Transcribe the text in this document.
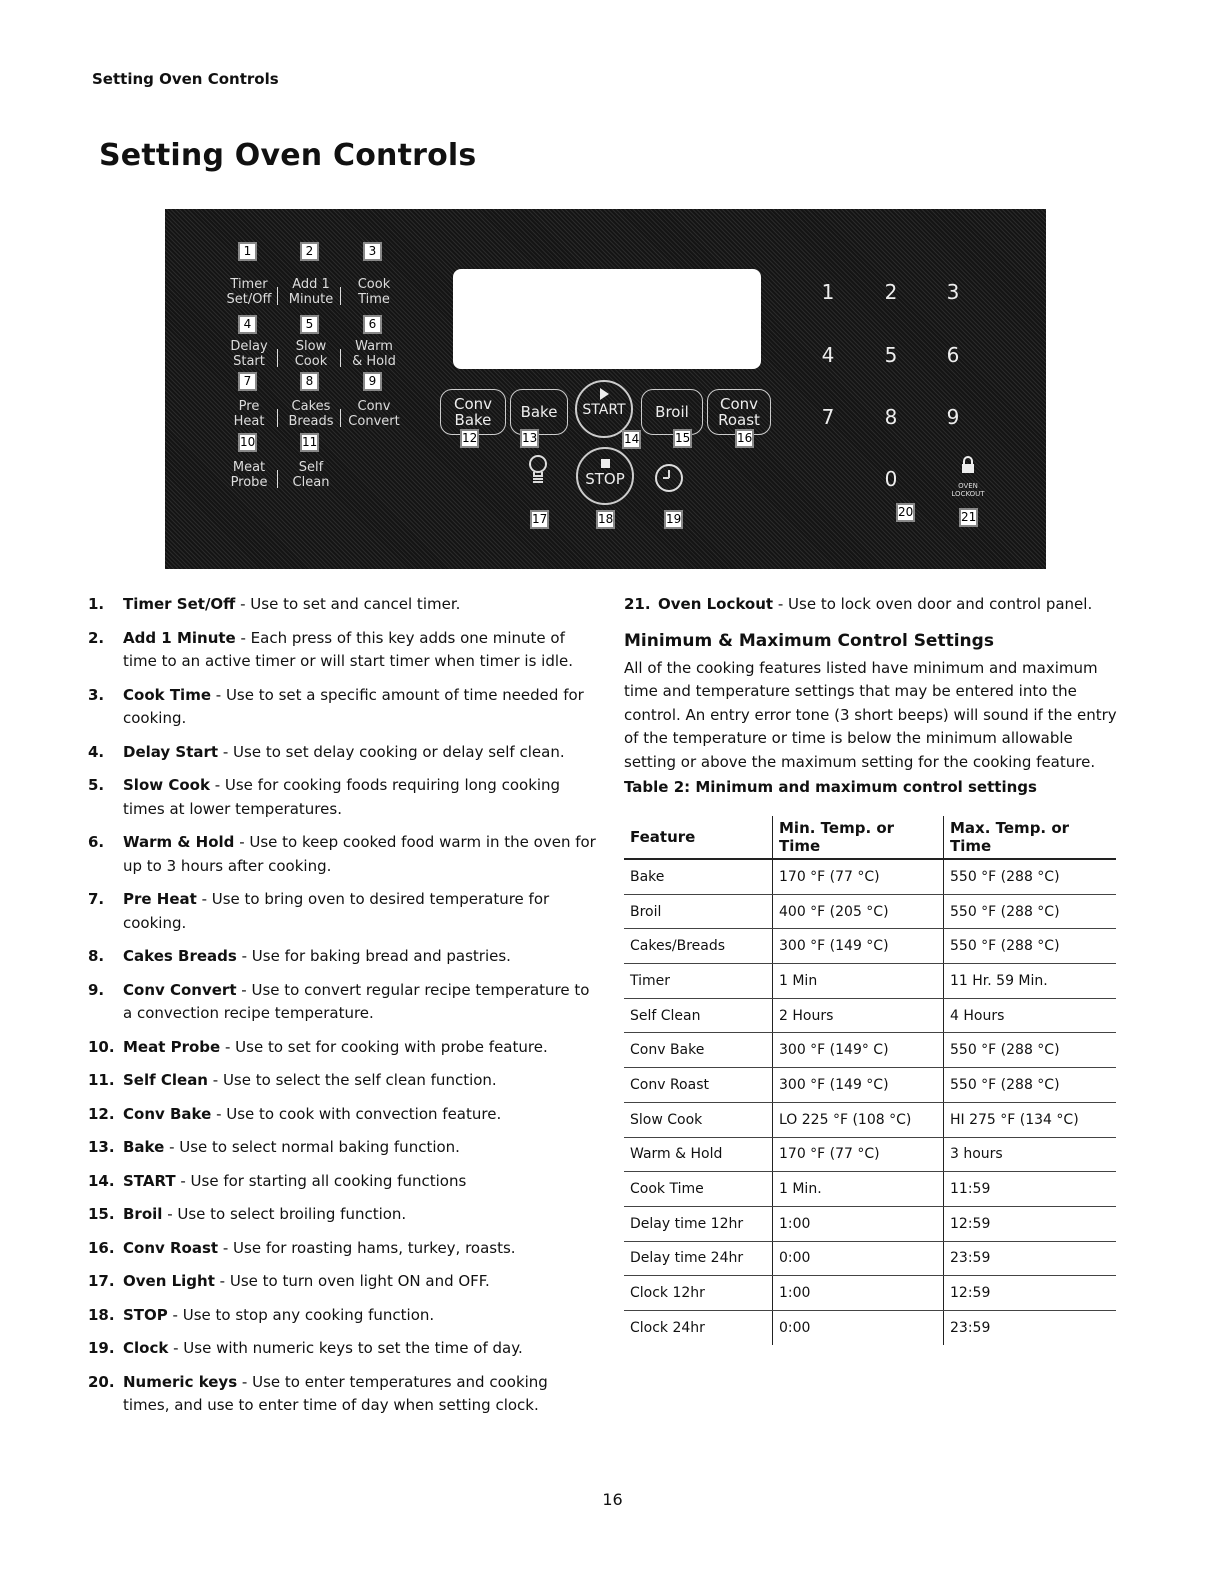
Setting Oven Controls
Setting Oven Controls
1
Timer
Set/Off
2
Add 1
Minute
3
Cook
Time
4
Delay
Start
5
Slow
Cook
6
Warm
& Hold
7
Pre
Heat
8
Cakes
Breads
9
Conv
Convert
10
Meat
Probe
11
Self
Clean
Conv
Bake
12
Bake
13
START
14
Broil
15
Conv
Roast
16
17
STOP
18	19
1	2	3
4	5	6
7	8	9
0
20
OVEN
LOCKOUT
21
1. Timer Set/Off - Use to set and cancel timer.
2. Add 1 Minute - Each press of this key adds one minute of time to an active timer or will start timer when timer is idle.
3. Cook Time - Use to set a specific amount of time needed for cooking.
4. Delay Start - Use to set delay cooking or delay self clean.
5. Slow Cook - Use for cooking foods requiring long cooking times at lower temperatures.
6. Warm & Hold - Use to keep cooked food warm in the oven for up to 3 hours after cooking.
7. Pre Heat - Use to bring oven to desired temperature for cooking.
8. Cakes Breads - Use for baking bread and pastries.
9. Conv Convert - Use to convert regular recipe temperature to a convection recipe temperature.
10. Meat Probe - Use to set for cooking with probe feature.
11. Self Clean - Use to select the self clean function.
12. Conv Bake - Use to cook with convection feature.
13. Bake - Use to select normal baking function.
14. START - Use for starting all cooking functions
15. Broil - Use to select broiling function.
16. Conv Roast - Use for roasting hams, turkey, roasts.
17. Oven Light - Use to turn oven light ON and OFF.
18. STOP - Use to stop any cooking function.
19. Clock - Use with numeric keys to set the time of day.
20. Numeric keys - Use to enter temperatures and cooking times, and use to enter time of day when setting clock.
21. Oven Lockout - Use to lock oven door and control panel.
Minimum & Maximum Control Settings
All of the cooking features listed have minimum and maximum time and temperature settings that may be entered into the control. An entry error tone (3 short beeps) will sound if the entry of the temperature or time is below the minimum allowable setting or above the maximum setting for the cooking feature.
Table 2: Minimum and maximum control settings
Feature	Min. Temp. or Time	Max. Temp. or Time
Bake	170 °F (77 °C)	550 °F (288 °C)
Broil	400 °F (205 °C)	550 °F (288 °C)
Cakes/Breads	300 °F (149 °C)	550 °F (288 °C)
Timer	1 Min	11 Hr. 59 Min.
Self Clean	2 Hours	4 Hours
Conv Bake	300 °F (149° C)	550 °F (288 °C)
Conv Roast	300 °F (149 °C)	550 °F (288 °C)
Slow Cook	LO 225 °F (108 °C)	HI 275 °F (134 °C)
Warm & Hold	170 °F (77 °C)	3 hours
Cook Time	1 Min.	11:59
Delay time 12hr	1:00	12:59
Delay time 24hr	0:00	23:59
Clock 12hr	1:00	12:59
Clock 24hr	0:00	23:59
16
